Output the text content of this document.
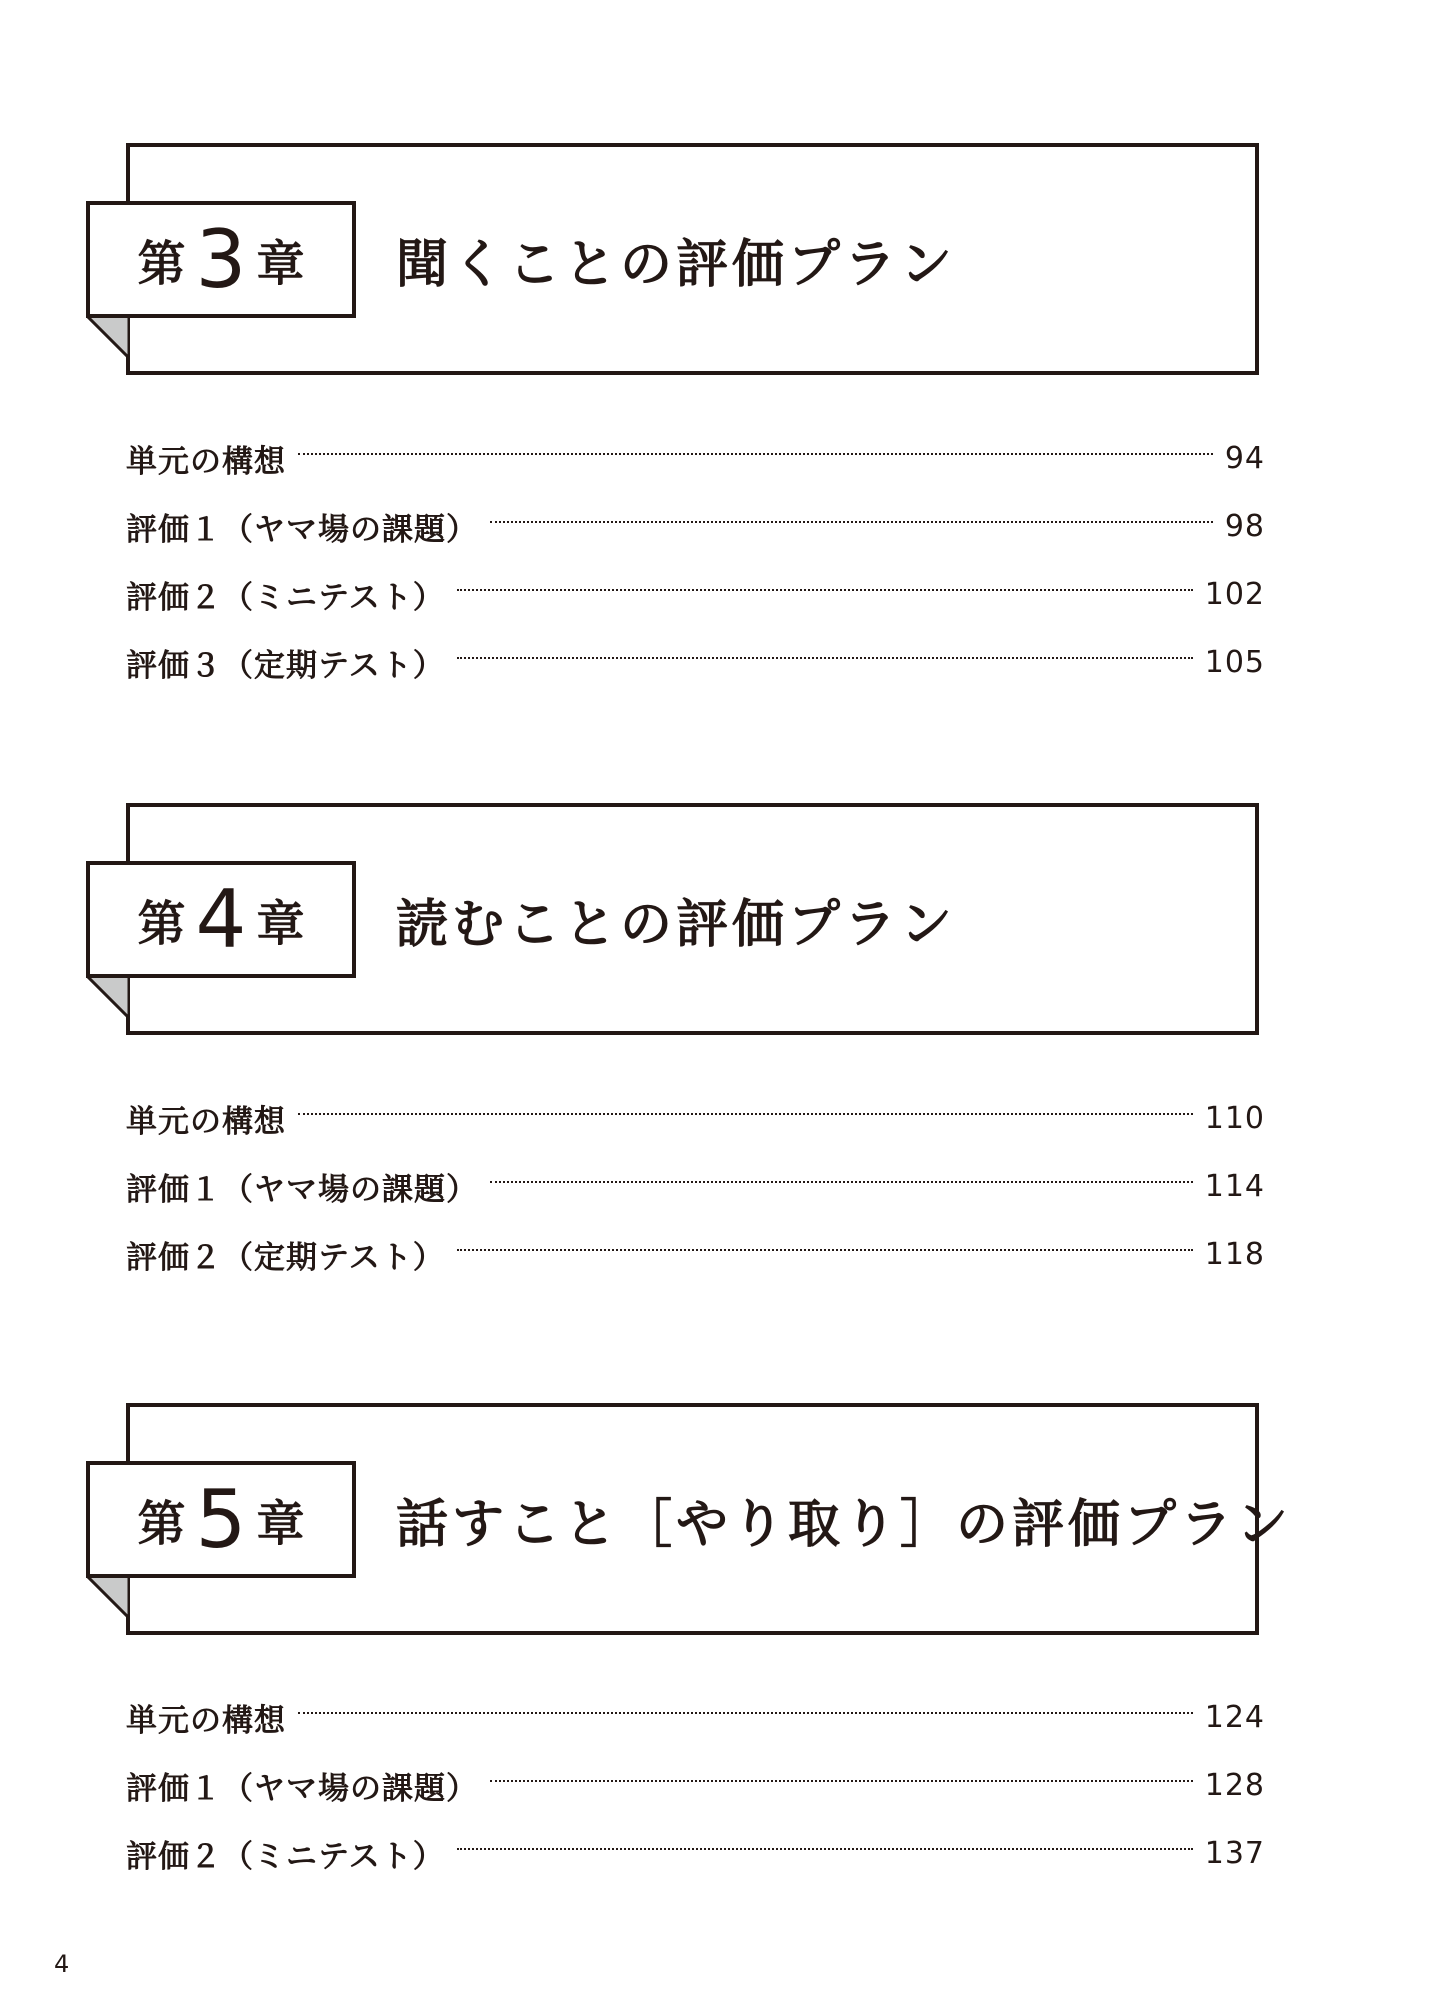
聞くことの評価プラン
第 3 章
単元の構想	94
評価１（ヤマ場の課題）	98
評価２（ミニテスト）	102
評価３（定期テスト）	105
読むことの評価プラン
第 4 章
単元の構想	110
評価１（ヤマ場の課題）	114
評価２（定期テスト）	118
話すこと［やり取り］の評価プラン
第 5 章
単元の構想	124
評価１（ヤマ場の課題）	128
評価２（ミニテスト）	137
4
